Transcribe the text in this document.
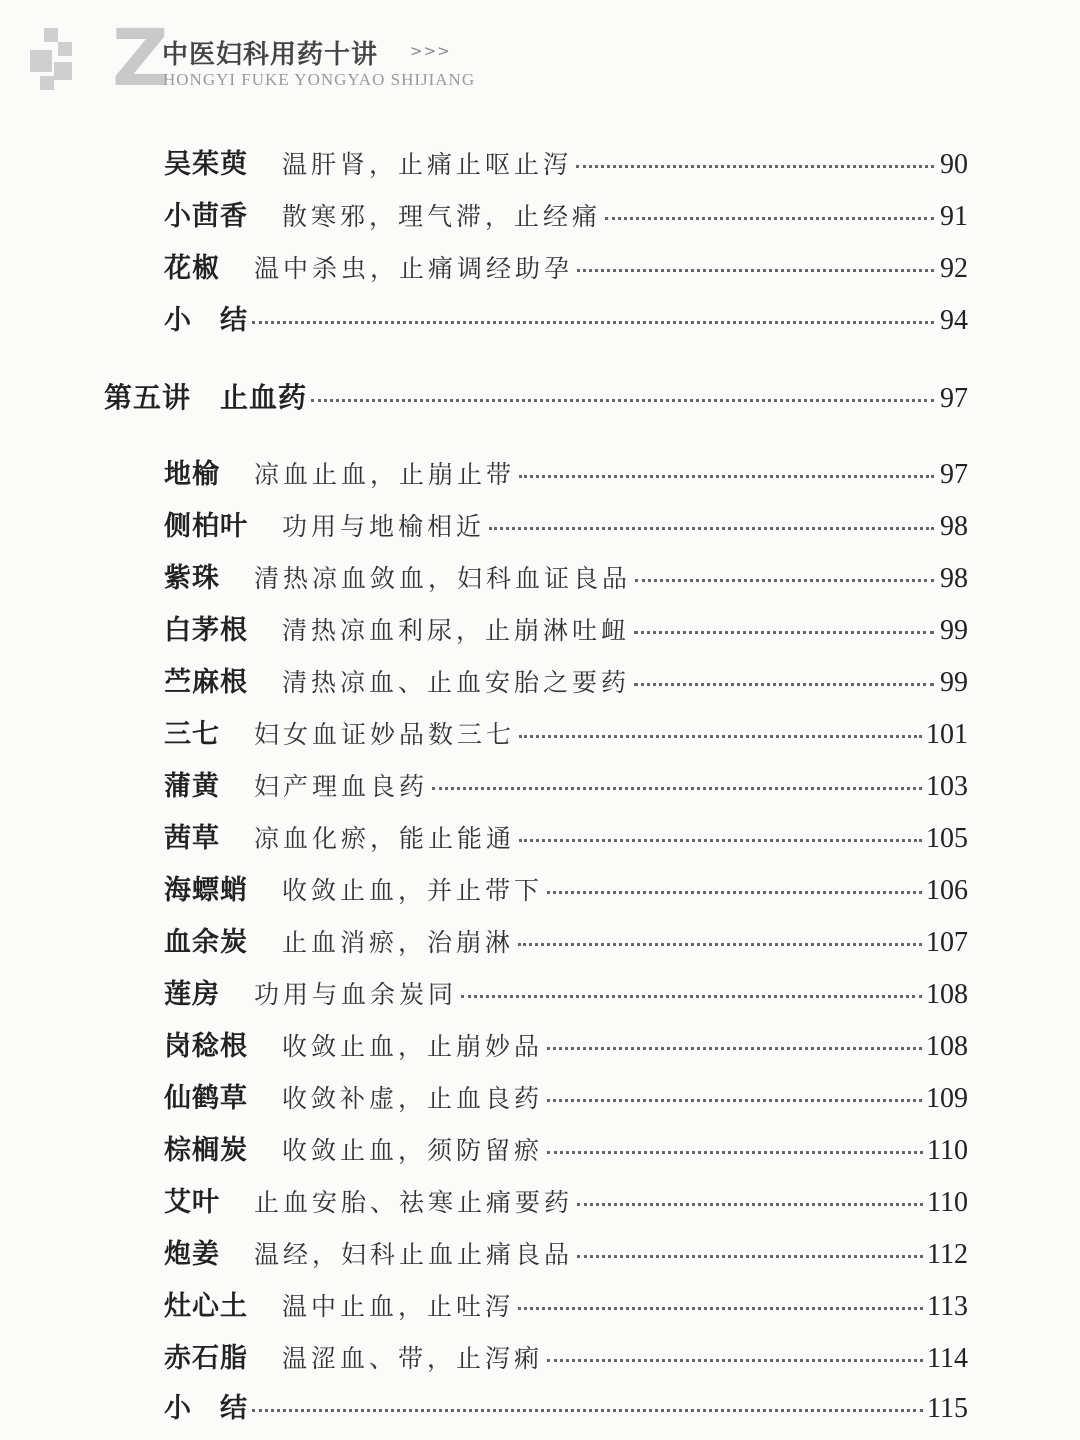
Z
中医妇科用药十讲 >>>
HONGYI FUKE YONGYAO SHIJIANG
吴茱萸 温肝肾，止痛止呕止泻	90
小茴香 散寒邪，理气滞，止经痛	91
花椒 温中杀虫，止痛调经助孕	92
小　结	94
第五讲　止血药	97
地榆 凉血止血，止崩止带	97
侧柏叶 功用与地榆相近	98
紫珠 清热凉血敛血，妇科血证良品	98
白茅根 清热凉血利尿，止崩淋吐衄	99
苎麻根 清热凉血、止血安胎之要药	99
三七 妇女血证妙品数三七	101
蒲黄 妇产理血良药	103
茜草 凉血化瘀，能止能通	105
海螵蛸 收敛止血，并止带下	106
血余炭 止血消瘀，治崩淋	107
莲房 功用与血余炭同	108
岗稔根 收敛止血，止崩妙品	108
仙鹤草 收敛补虚，止血良药	109
棕榈炭 收敛止血，须防留瘀	110
艾叶 止血安胎、祛寒止痛要药	110
炮姜 温经，妇科止血止痛良品	112
灶心土 温中止血，止吐泻	113
赤石脂 温涩血、带，止泻痢	114
小　结	115
